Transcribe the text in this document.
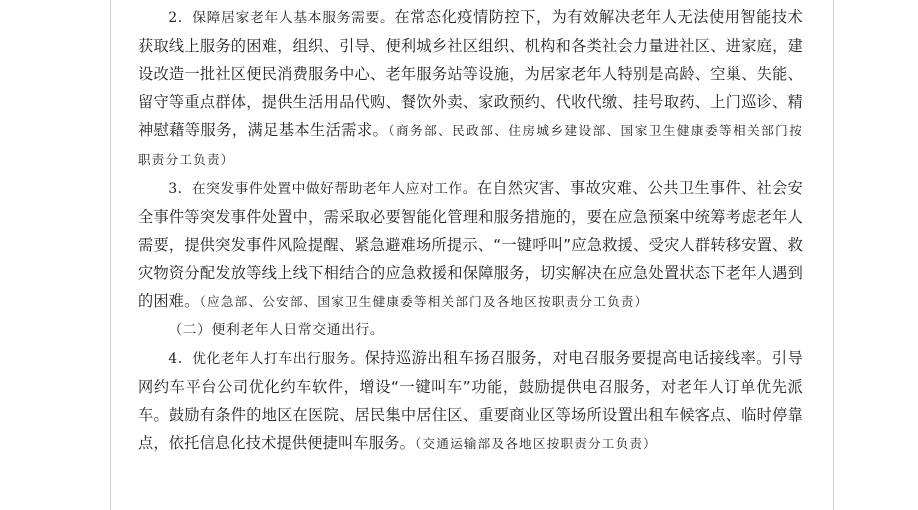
2．保障居家老年人基本服务需要。在常态化疫情防控下，为有效解决老年人无法使用智能技术获取线上服务的困难，组织、引导、便利城乡社区组织、机构和各类社会力量进社区、进家庭，建设改造一批社区便民消费服务中心、老年服务站等设施，为居家老年人特别是高龄、空巢、失能、留守等重点群体，提供生活用品代购、餐饮外卖、家政预约、代收代缴、挂号取药、上门巡诊、精神慰藉等服务，满足基本生活需求。（商务部、民政部、住房城乡建设部、国家卫生健康委等相关部门按职责分工负责）

3．在突发事件处置中做好帮助老年人应对工作。在自然灾害、事故灾难、公共卫生事件、社会安全事件等突发事件处置中，需采取必要智能化管理和服务措施的，要在应急预案中统筹考虑老年人需要，提供突发事件风险提醒、紧急避难场所提示、“一键呼叫”应急救援、受灾人群转移安置、救灾物资分配发放等线上线下相结合的应急救援和保障服务，切实解决在应急处置状态下老年人遇到的困难。（应急部、公安部、国家卫生健康委等相关部门及各地区按职责分工负责）

（二）便利老年人日常交通出行。

4．优化老年人打车出行服务。保持巡游出租车扬召服务，对电召服务要提高电话接线率。引导网约车平台公司优化约车软件，增设“一键叫车”功能，鼓励提供电召服务，对老年人订单优先派车。鼓励有条件的地区在医院、居民集中居住区、重要商业区等场所设置出租车候客点、临时停靠点，依托信息化技术提供便捷叫车服务。（交通运输部及各地区按职责分工负责）
